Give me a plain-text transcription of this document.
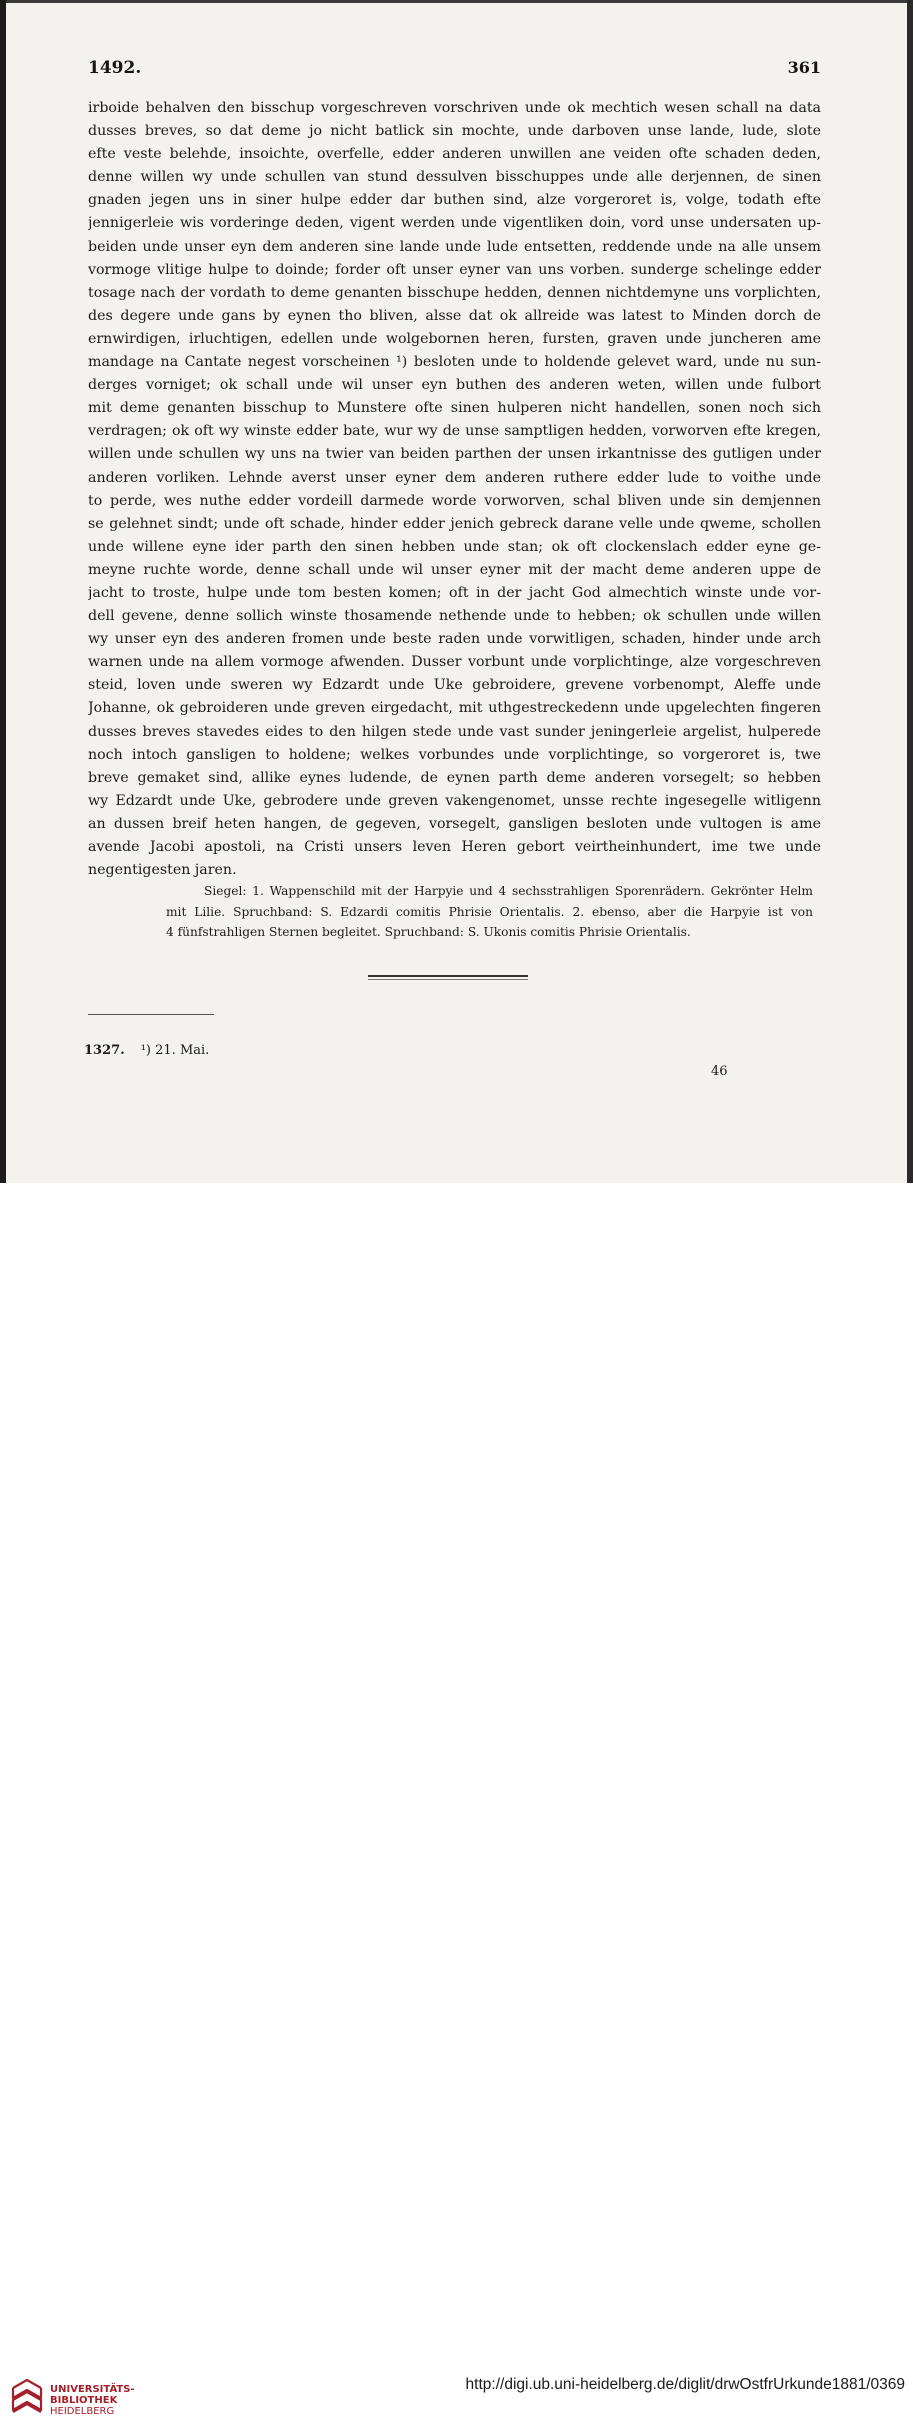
1492.	361
irboide behalven den bisschup vorgeschreven vorschriven unde ok mechtich wesen schall na data
dusses breves, so dat deme jo nicht batlick sin mochte, unde darboven unse lande, lude, slote
efte veste belehde, insoichte, overfelle, edder anderen unwillen ane veiden ofte schaden deden,
denne willen wy unde schullen van stund dessulven bisschuppes unde alle derjennen, de sinen
gnaden jegen uns in siner hulpe edder dar buthen sind, alze vorgeroret is, volge, todath efte
jennigerleie wis vorderinge deden, vigent werden unde vigentliken doin, vord unse undersaten up-
beiden unde unser eyn dem anderen sine lande unde lude entsetten, reddende unde na alle unsem
vormoge vlitige hulpe to doinde; forder oft unser eyner van uns vorben. sunderge schelinge edder
tosage nach der vordath to deme genanten bisschupe hedden, dennen nichtdemyne uns vorplichten,
des degere unde gans by eynen tho bliven, alsse dat ok allreide was latest to Minden dorch de
ernwirdigen, irluchtigen, edellen unde wolgebornen heren, fursten, graven unde juncheren ame
mandage na Cantate negest vorscheinen ¹) besloten unde to holdende gelevet ward, unde nu sun-
derges vorniget; ok schall unde wil unser eyn buthen des anderen weten, willen unde fulbort
mit deme genanten bisschup to Munstere ofte sinen hulperen nicht handellen, sonen noch sich
verdragen; ok oft wy winste edder bate, wur wy de unse samptligen hedden, vorworven efte kregen,
willen unde schullen wy uns na twier van beiden parthen der unsen irkantnisse des gutligen under
anderen vorliken. Lehnde averst unser eyner dem anderen ruthere edder lude to voithe unde
to perde, wes nuthe edder vordeill darmede worde vorworven, schal bliven unde sin demjennen
se gelehnet sindt; unde oft schade, hinder edder jenich gebreck darane velle unde qweme, schollen
unde willene eyne ider parth den sinen hebben unde stan; ok oft clockenslach edder eyne ge-
meyne ruchte worde, denne schall unde wil unser eyner mit der macht deme anderen uppe de
jacht to troste, hulpe unde tom besten komen; oft in der jacht God almechtich winste unde vor-
dell gevene, denne sollich winste thosamende nethende unde to hebben; ok schullen unde willen
wy unser eyn des anderen fromen unde beste raden unde vorwitligen, schaden, hinder unde arch
warnen unde na allem vormoge afwenden. Dusser vorbunt unde vorplichtinge, alze vorgeschreven
steid, loven unde sweren wy Edzardt unde Uke gebroidere, grevene vorbenompt, Aleffe unde
Johanne, ok gebroideren unde greven eirgedacht, mit uthgestreckedenn unde upgelechten fingeren
dusses breves stavedes eides to den hilgen stede unde vast sunder jeningerleie argelist, hulperede
noch intoch gansligen to holdene; welkes vorbundes unde vorplichtinge, so vorgeroret is, twe
breve gemaket sind, allike eynes ludende, de eynen parth deme anderen vorsegelt; so hebben
wy Edzardt unde Uke, gebrodere unde greven vakengenomet, unsse rechte ingesegelle witligenn
an dussen breif heten hangen, de gegeven, vorsegelt, gansligen besloten unde vultogen is ame
avende Jacobi apostoli, na Cristi unsers leven Heren gebort veirtheinhundert, ime twe unde
negentigesten jaren.
Siegel: 1. Wappenschild mit der Harpyie und 4 sechsstrahligen Sporenrädern. Gekrönter Helm
mit Lilie. Spruchband: S. Edzardi comitis Phrisie Orientalis. 2. ebenso, aber die Harpyie ist von
4 fünfstrahligen Sternen begleitet. Spruchband: S. Ukonis comitis Phrisie Orientalis.
1327. ¹) 21. Mai.
46
UNIVERSITÄTS-
BIBLIOTHEK
HEIDELBERG
http://digi.ub.uni-heidelberg.de/diglit/drwOstfrUrkunde1881/0369
